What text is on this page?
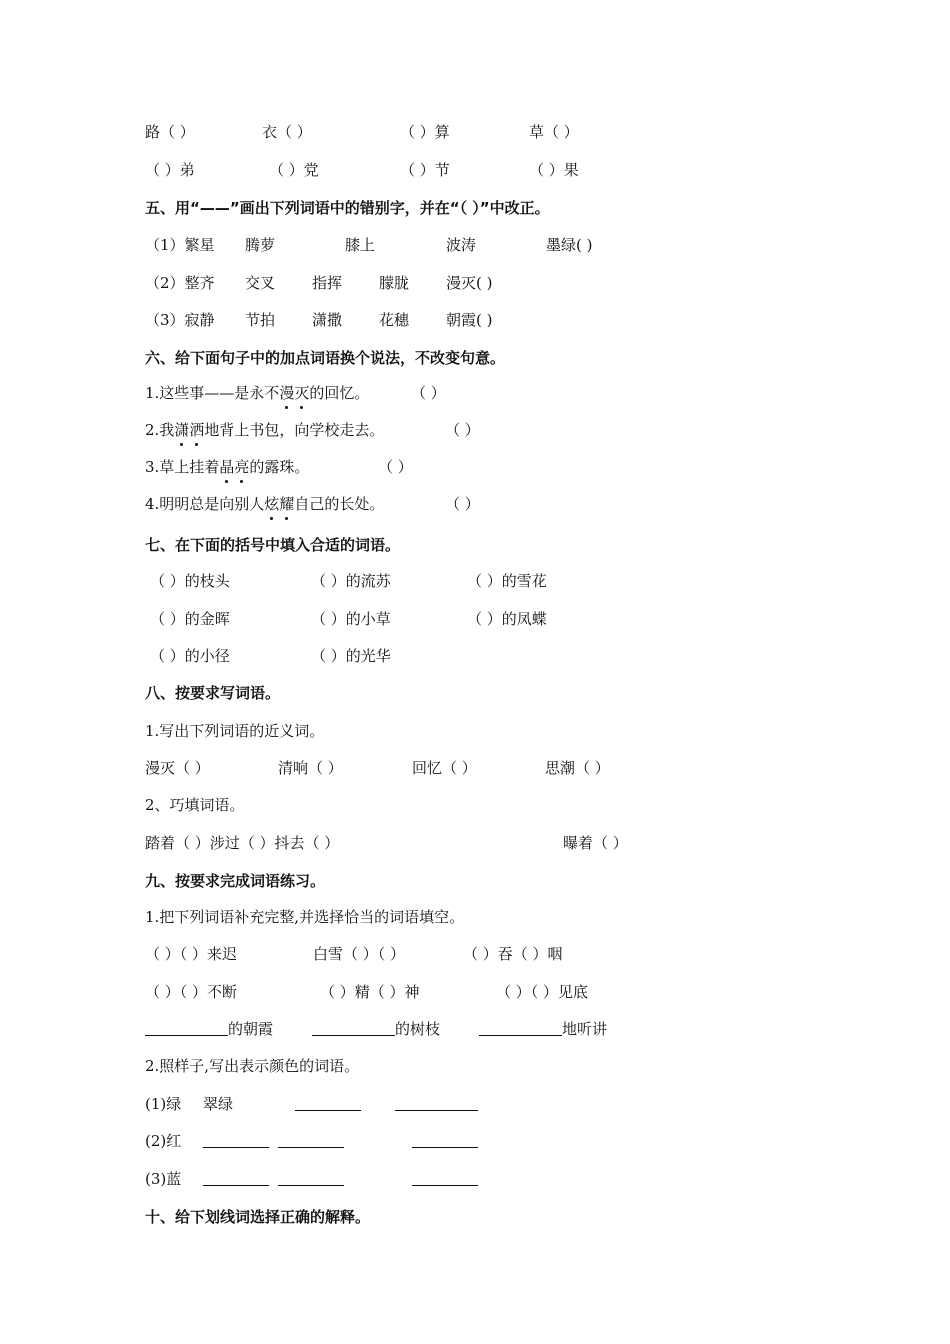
路（ ）	衣（ ）	（ ）算	草（ ）
（ ）弟	（ ）党	（ ）节	（ ）果
五、用“——”画出下列词语中的错别字，并在“（ ）”中改正。
（1）繁星 腾萝	膝上	波涛	墨绿( )
（2）整齐 交叉 指挥 朦胧 漫灭( )
（3）寂静 节拍 潇撒 花穗 朝霞( )
六、给下面句子中的加点词语换个说法，不改变句意。
1.这些事——是永不漫灭的回忆。	（ ）
2.我潇洒地背上书包，向学校走去。	（ ）
3.草上挂着晶亮的露珠。	（ ）
4.明明总是向别人炫耀自己的长处。	（ ）
七、在下面的括号中填入合适的词语。
（ ）的枝头	（ ）的流苏	（ ）的雪花
（ ）的金晖	（ ）的小草	（ ）的凤蝶
（ ）的小径	（ ）的光华
八、按要求写词语。
1.写出下列词语的近义词。
漫灭（ ）	清响（ ）	回忆（ ）	思潮（ ）
2、巧填词语。
踏着（ ）涉过（ ）抖去（ ）	曝着（ ）
九、按要求完成词语练习。
1.把下列词语补充完整,并选择恰当的词语填空。
（ ）（ ）来迟	白雪（ ）（ ）	（ ）吞（ ）咽
（ ）（ ）不断	（ ）精（ ）神	（ ）（ ）见底
的朝霞	的树枝	地听讲
2.照样子,写出表示颜色的词语。
(1)绿 翠绿
(2)红
(3)蓝
十、给下划线词选择正确的解释。
